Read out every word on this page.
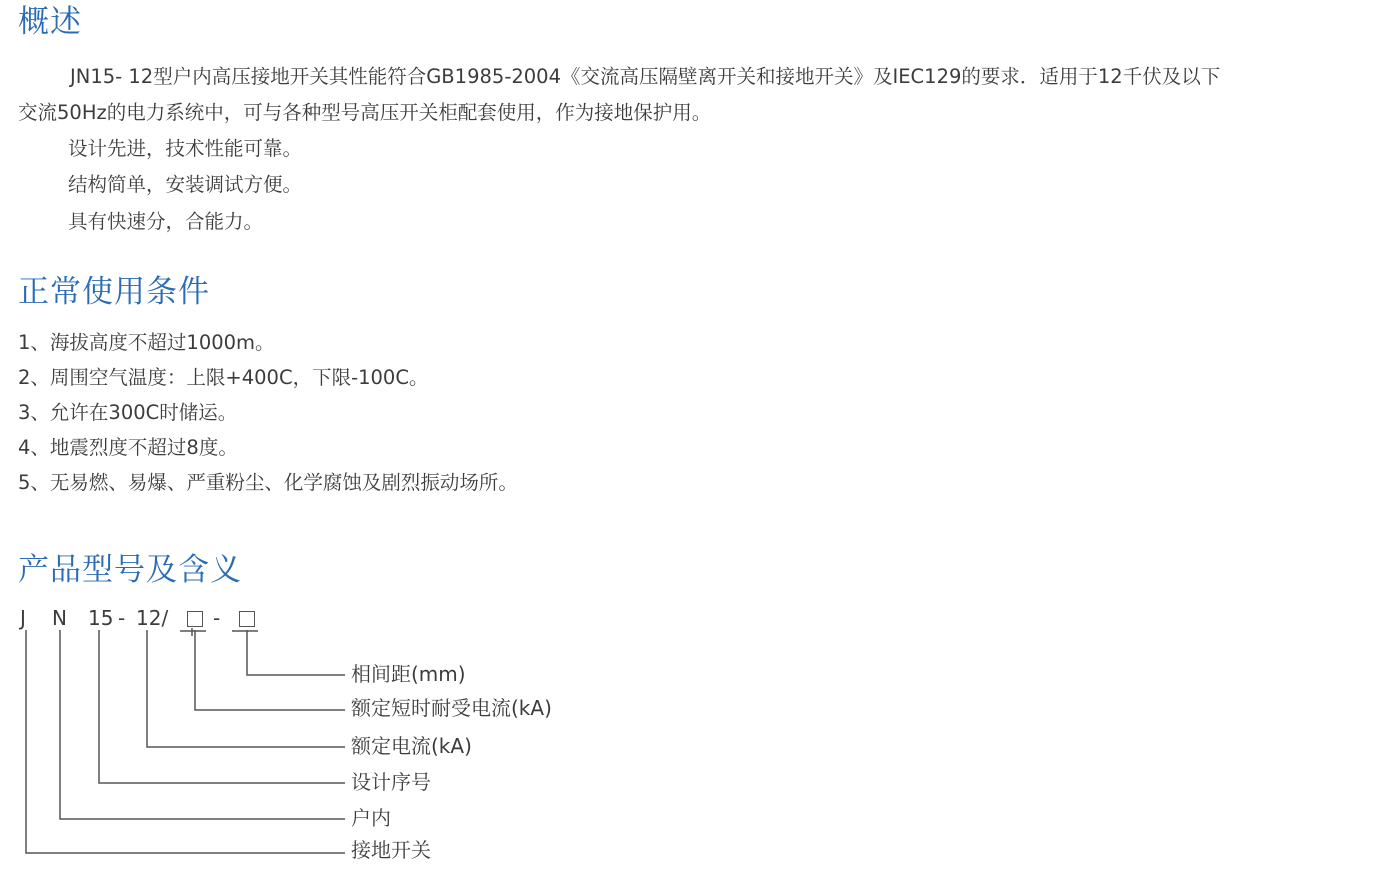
概述

JN15- 12型户内高压接地开关其性能符合GB1985-2004《交流高压隔壁离开关和接地开关》及IEC129的要求．适用于12千伏及以下

交流50Hz的电力系统中，可与各种型号高压开关柜配套使用，作为接地保护用。

设计先进，技术性能可靠。

结构简单，安装调试方便。

具有快速分，合能力。

正常使用条件

1、海拔高度不超过1000m。

2、周围空气温度：上限+400C，下限-100C。

3、允许在300C时储运。

4、地震烈度不超过8度。

5、无易燃、易爆、严重粉尘、化学腐蚀及剧烈振动场所。

产品型号及含义
J N 15 - 12/ -
相间距(mm)
额定短时耐受电流(kA)
额定电流(kA)
设计序号
户内
接地开关
